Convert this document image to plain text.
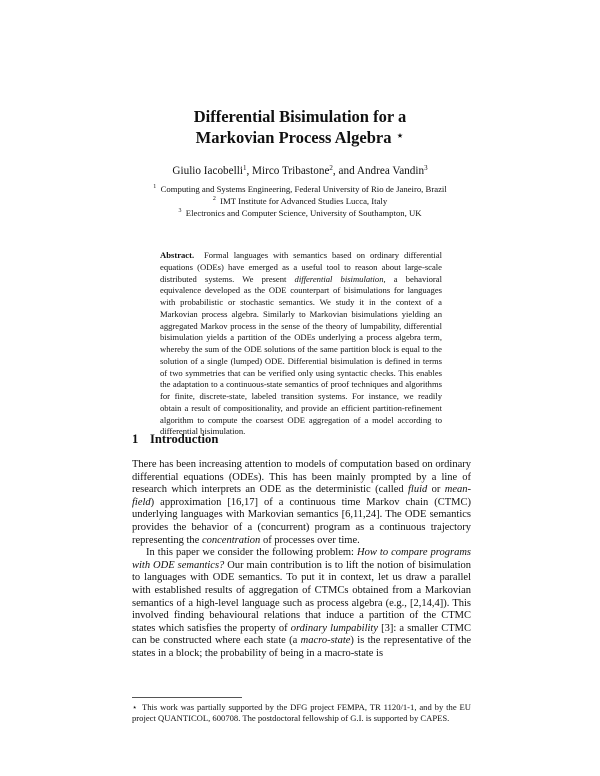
Differential Bisimulation for a
Markovian Process Algebra ⋆
Giulio Iacobelli$^1$, Mirco Tribastone$^2$, and Andrea Vandin$^3$
$^1$ Computing and Systems Engineering, Federal University of Rio de Janeiro, Brazil
$^2$ IMT Institute for Advanced Studies Lucca, Italy
$^3$ Electronics and Computer Science, University of Southampton, UK
Abstract. Formal languages with semantics based on ordinary differential equations (ODEs) have emerged as a useful tool to reason about large-scale distributed systems. We present differential bisimulation, a behavioral equivalence developed as the ODE counterpart of bisimulations for languages with probabilistic or stochastic semantics. We study it in the context of a Markovian process algebra. Similarly to Markovian bisimulations yielding an aggregated Markov process in the sense of the theory of lumpability, differential bisimulation yields a partition of the ODEs underlying a process algebra term, whereby the sum of the ODE solutions of the same partition block is equal to the solution of a single (lumped) ODE. Differential bisimulation is defined in terms of two symmetries that can be verified only using syntactic checks. This enables the adaptation to a continuous-state semantics of proof techniques and algorithms for finite, discrete-state, labeled transition systems. For instance, we readily obtain a result of compositionality, and provide an efficient partition-refinement algorithm to compute the coarsest ODE aggregation of a model according to differential bisimulation.
1 Introduction

There has been increasing attention to models of computation based on ordinary differential equations (ODEs). This has been mainly prompted by a line of research which interprets an ODE as the deterministic (called fluid or mean-field) approximation [16,17] of a continuous time Markov chain (CTMC) underlying languages with Markovian semantics [6,11,24]. The ODE semantics provides the behavior of a (concurrent) program as a continuous trajectory representing the concentration of processes over time.

In this paper we consider the following problem: How to compare programs with ODE semantics? Our main contribution is to lift the notion of bisimulation to languages with ODE semantics. To put it in context, let us draw a parallel with established results of aggregation of CTMCs obtained from a Markovian semantics of a high-level language such as process algebra (e.g., [2,14,4]). This involved finding behavioural relations that induce a partition of the CTMC states which satisfies the property of ordinary lumpability [3]: a smaller CTMC can be constructed where each state (a macro-state) is the representative of the states in a block; the probability of being in a macro-state is

⋆ This work was partially supported by the DFG project FEMPA, TR 1120/1-1, and by the EU project QUANTICOL, 600708. The postdoctoral fellowship of G.I. is supported by CAPES.
